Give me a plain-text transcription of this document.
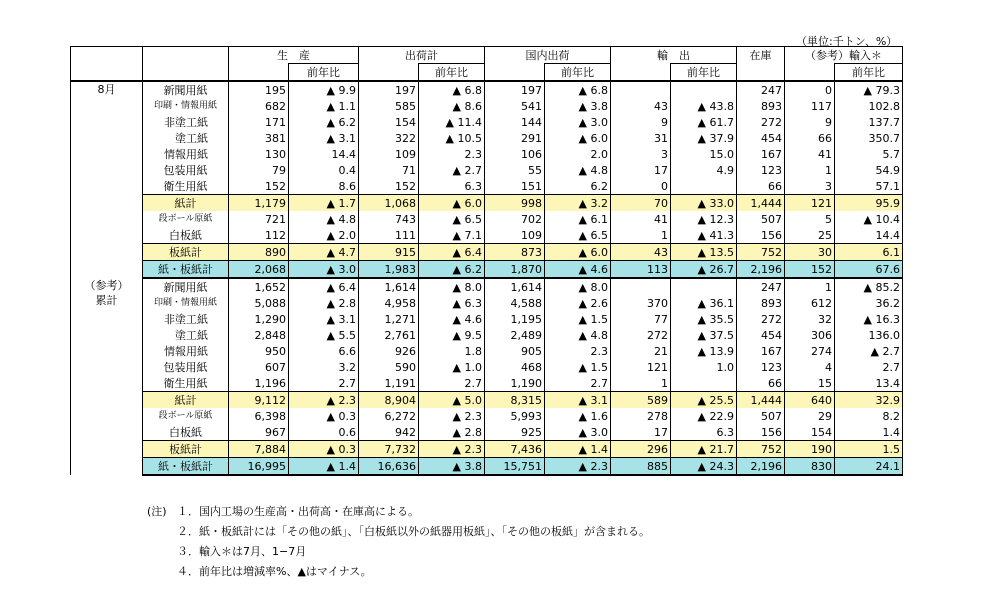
（単位:千トン、%）
		生　産		出荷計		国内出荷		輸　出		在庫	（参考）輸入＊	
			前年比		前年比		前年比		前年比			前年比
8月	新聞用紙	195	▲ 9.9	197	▲ 6.8	197	▲ 6.8			247	0	▲ 79.3
	印刷・情報用紙	682	▲ 1.1	585	▲ 8.6	541	▲ 3.8	43	▲ 43.8	893	117	102.8
	非塗工紙	171	▲ 6.2	154	▲ 11.4	144	▲ 3.0	9	▲ 61.7	272	9	137.7
	塗工紙	381	▲ 3.1	322	▲ 10.5	291	▲ 6.0	31	▲ 37.9	454	66	350.7
	情報用紙	130	14.4	109	2.3	106	2.0	3	15.0	167	41	5.7
	包装用紙	79	0.4	71	▲ 2.7	55	▲ 4.8	17	4.9	123	1	54.9
	衛生用紙	152	8.6	152	6.3	151	6.2	0		66	3	57.1
	紙計	1,179	▲ 1.7	1,068	▲ 6.0	998	▲ 3.2	70	▲ 33.0	1,444	121	95.9
	段ボール原紙	721	▲ 4.8	743	▲ 6.5	702	▲ 6.1	41	▲ 12.3	507	5	▲ 10.4
	白板紙	112	▲ 2.0	111	▲ 7.1	109	▲ 6.5	1	▲ 41.3	156	25	14.4
	板紙計	890	▲ 4.7	915	▲ 6.4	873	▲ 6.0	43	▲ 13.5	752	30	6.1
	紙・板紙計	2,068	▲ 3.0	1,983	▲ 6.2	1,870	▲ 4.6	113	▲ 26.7	2,196	152	67.6
（参考）
累計	新聞用紙	1,652	▲ 6.4	1,614	▲ 8.0	1,614	▲ 8.0			247	1	▲ 85.2
	印刷・情報用紙	5,088	▲ 2.8	4,958	▲ 6.3	4,588	▲ 2.6	370	▲ 36.1	893	612	36.2
	非塗工紙	1,290	▲ 3.1	1,271	▲ 4.6	1,195	▲ 1.5	77	▲ 35.5	272	32	▲ 16.3
	塗工紙	2,848	▲ 5.5	2,761	▲ 9.5	2,489	▲ 4.8	272	▲ 37.5	454	306	136.0
	情報用紙	950	6.6	926	1.8	905	2.3	21	▲ 13.9	167	274	▲ 2.7
	包装用紙	607	3.2	590	▲ 1.0	468	▲ 1.5	121	1.0	123	4	2.7
	衛生用紙	1,196	2.7	1,191	2.7	1,190	2.7	1		66	15	13.4
	紙計	9,112	▲ 2.3	8,904	▲ 5.0	8,315	▲ 3.1	589	▲ 25.5	1,444	640	32.9
	段ボール原紙	6,398	▲ 0.3	6,272	▲ 2.3	5,993	▲ 1.6	278	▲ 22.9	507	29	8.2
	白板紙	967	0.6	942	▲ 2.8	925	▲ 3.0	17	6.3	156	154	1.4
	板紙計	7,884	▲ 0.3	7,732	▲ 2.3	7,436	▲ 1.4	296	▲ 21.7	752	190	1.5
	紙・板紙計	16,995	▲ 1.4	16,636	▲ 3.8	15,751	▲ 2.3	885	▲ 24.3	2,196	830	24.1
(注) １．国内工場の生産高・出荷高・在庫高による。
２．紙・板紙計には「その他の紙」、「白板紙以外の紙器用板紙」、「その他の板紙」が含まれる。
３．輸入＊は7月、1−7月
４．前年比は増減率%、▲はマイナス。
